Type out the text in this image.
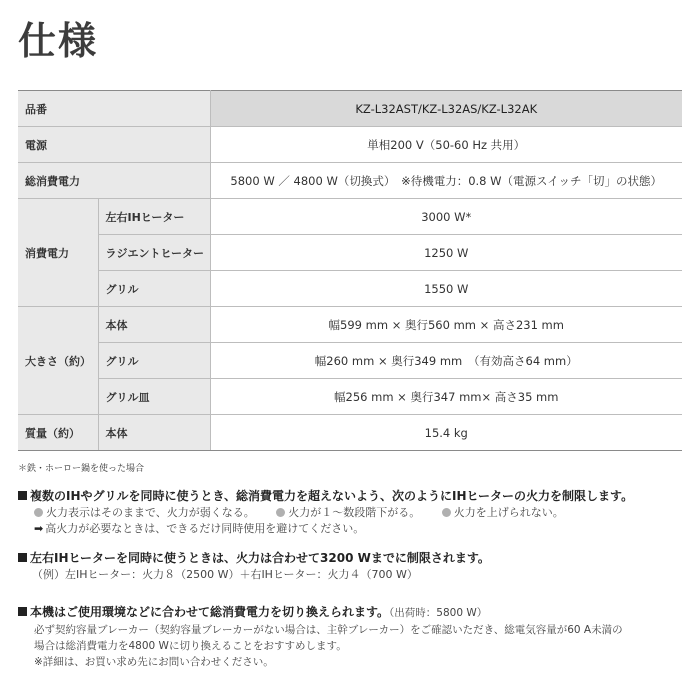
仕様
品番		KZ-L32AST/KZ-L32AS/KZ-L32AK
電源		単相200 V（50-60 Hz 共用）
総消費電力		5800 W ／ 4800 W（切換式）　※待機電力：0.8 W（電源スイッチ「切」の状態）
消費電力	左右IHヒーター	3000 W*
	ラジエントヒーター	1250 W
	グリル	1550 W
大きさ（約）	本体	幅599 mm × 奥行560 mm × 高さ231 mm
	グリル	幅260 mm × 奥行349 mm　（有効高さ64 mm）
	グリル皿	幅256 mm × 奥行347 mm× 高さ35 mm
質量（約）	本体	15.4 kg
＊鉄・ホーロー鍋を使った場合
複数のIHやグリルを同時に使うとき、総消費電力を超えないよう、次のようにIHヒーターの火力を制限します。
火力表示はそのままで、火力が弱くなる。	火力が１～数段階下がる。	火力を上げられない。
➡ 高火力が必要なときは、できるだけ同時使用を避けてください。
左右IHヒーターを同時に使うときは、火力は合わせて3200 Wまでに制限されます。
（例）左IHヒーター：火力８（2500 W）＋右IHヒーター：火力４（700 W）
本機はご使用環境などに合わせて総消費電力を切り換えられます。（出荷時：5800 W）
必ず契約容量ブレーカー（契約容量ブレーカーがない場合は、主幹ブレーカー）をご確認いただき、総電気容量が60 A未満の
場合は総消費電力を4800 Wに切り換えることをおすすめします。
※詳細は、お買い求め先にお問い合わせください。
